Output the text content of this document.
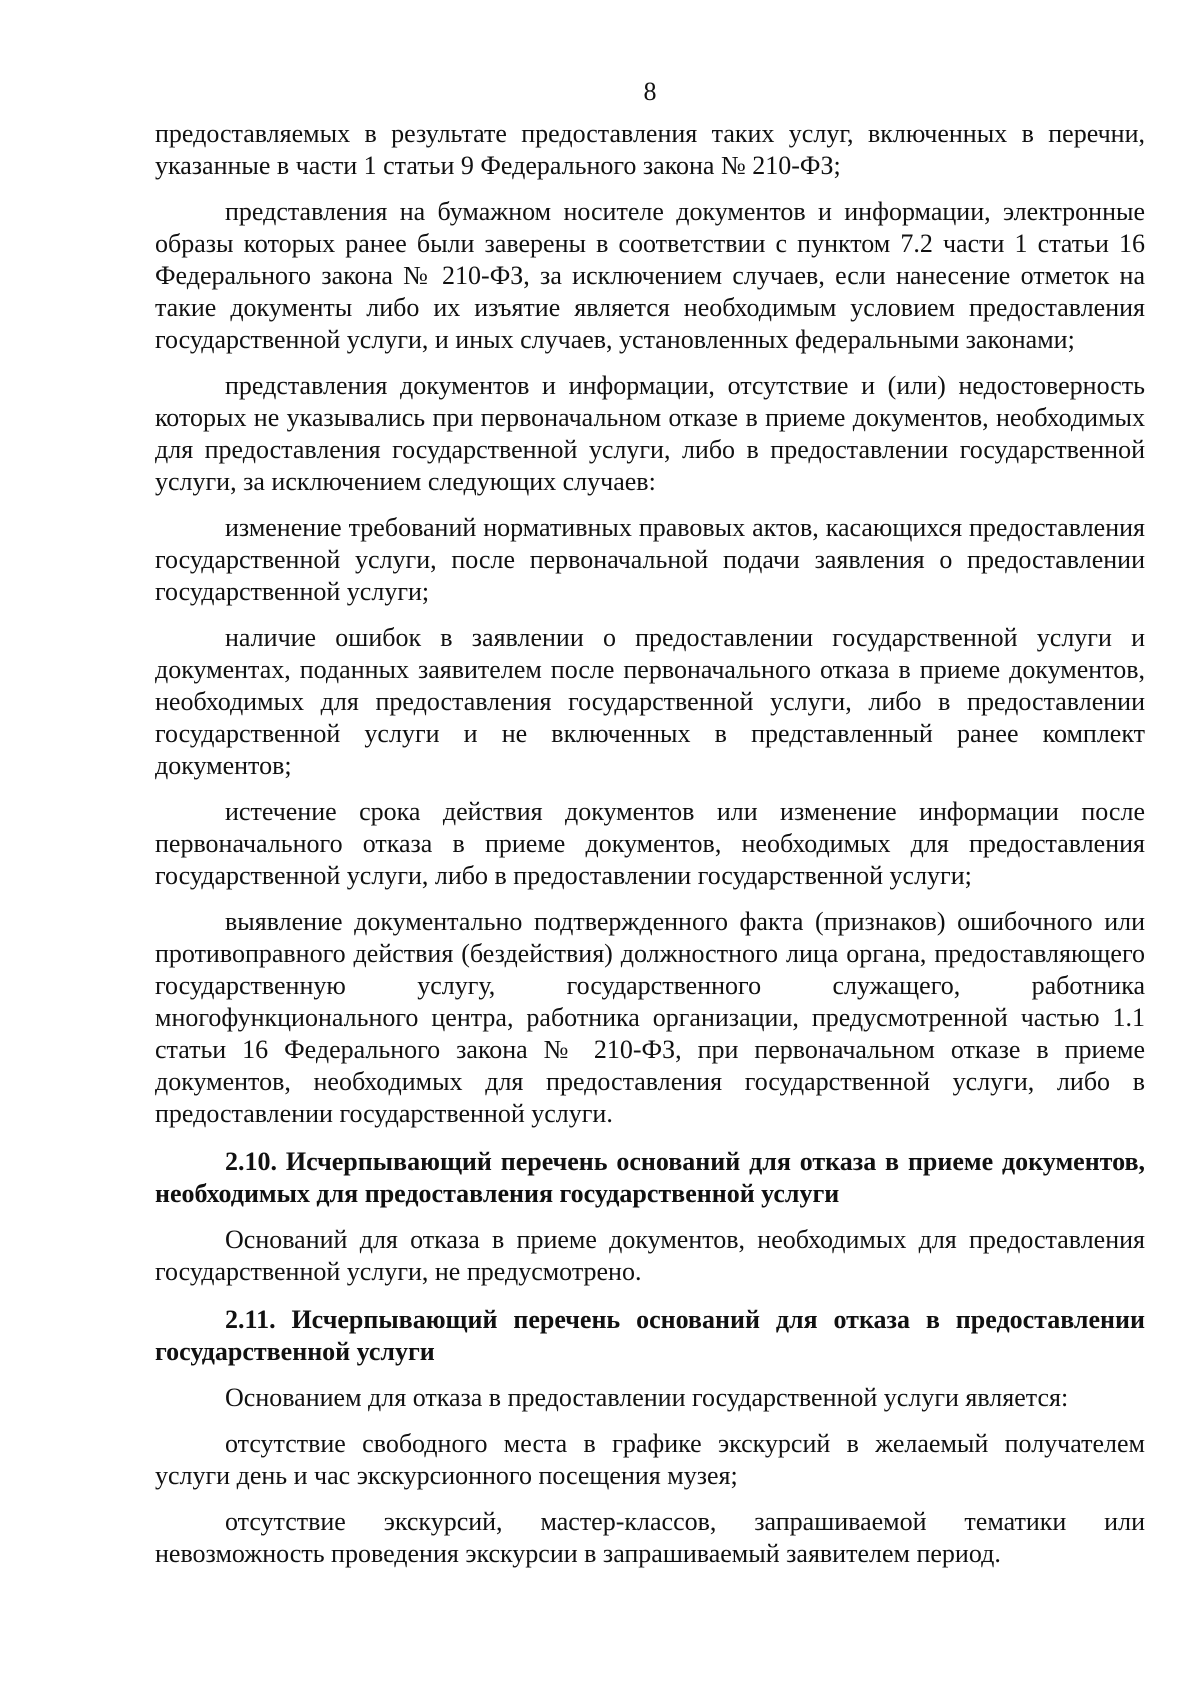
8

предоставляемых в результате предоставления таких услуг, включенных в перечни, указанные в части 1 статьи 9 Федерального закона № 210-ФЗ;

представления на бумажном носителе документов и информации, электронные образы которых ранее были заверены в соответствии с пунктом 7.2 части 1 статьи 16 Федерального закона № 210-ФЗ, за исключением случаев, если нанесение отметок на такие документы либо их изъятие является необходимым условием предоставления государственной услуги, и иных случаев, установленных федеральными законами;

представления документов и информации, отсутствие и (или) недостоверность которых не указывались при первоначальном отказе в приеме документов, необходимых для предоставления государственной услуги, либо в предоставлении государственной услуги, за исключением следующих случаев:

изменение требований нормативных правовых актов, касающихся предоставления государственной услуги, после первоначальной подачи заявления о предоставлении государственной услуги;

наличие ошибок в заявлении о предоставлении государственной услуги и документах, поданных заявителем после первоначального отказа в приеме документов, необходимых для предоставления государственной услуги, либо в предоставлении государственной услуги и не включенных в представленный ранее комплект документов;

истечение срока действия документов или изменение информации после первоначального отказа в приеме документов, необходимых для предоставления государственной услуги, либо в предоставлении государственной услуги;

выявление документально подтвержденного факта (признаков) ошибочного или противоправного действия (бездействия) должностного лица органа, предоставляющего государственную услугу, государственного служащего, работника многофункционального центра, работника организации, предусмотренной частью 1.1 статьи 16 Федерального закона № 210-ФЗ, при первоначальном отказе в приеме документов, необходимых для предоставления государственной услуги, либо в предоставлении государственной услуги.

2.10. Исчерпывающий перечень оснований для отказа в приеме документов, необходимых для предоставления государственной услуги

Оснований для отказа в приеме документов, необходимых для предоставления государственной услуги, не предусмотрено.

2.11. Исчерпывающий перечень оснований для отказа в предоставлении государственной услуги

Основанием для отказа в предоставлении государственной услуги является:

отсутствие свободного места в графике экскурсий в желаемый получателем услуги день и час экскурсионного посещения музея;

отсутствие экскурсий, мастер-классов, запрашиваемой тематики или невозможность проведения экскурсии в запрашиваемый заявителем период.
